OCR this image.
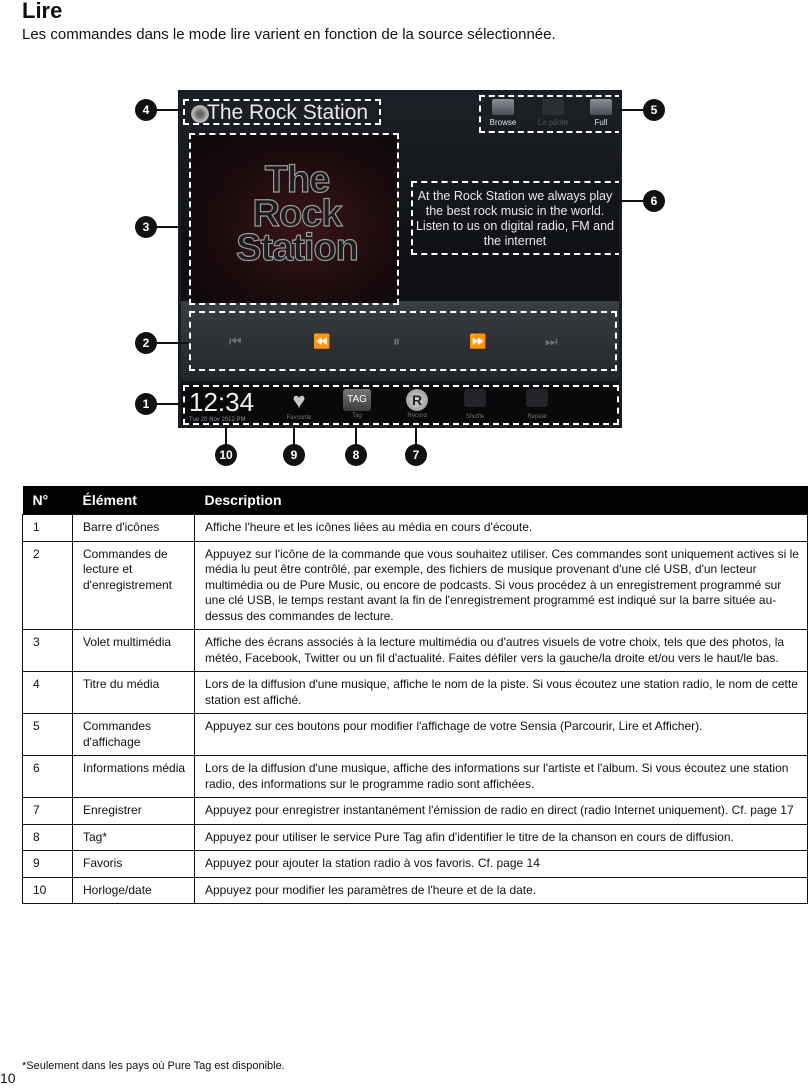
Lire
Les commandes dans le mode lire varient en fonction de la source sélectionnée.
The Rock Station	Browse	Le pilote	Full
The
Rock
Station
At the Rock Station we always play the best rock music in the world. Listen to us on digital radio, FM and the internet
⏮	⏪	⏸	⏩	⏭
12:34
Tue 20 Nov 2012 PM
♥
Favourite
TAG
Tag
R
Record	Shuffle	Repeat
4
3
2
1
5
6
10	9	8	7
N°	Élément	Description
1	Barre d'icônes	Affiche l'heure et les icônes liées au média en cours d'écoute.
2	Commandes de lecture et d'enregistrement	Appuyez sur l'icône de la commande que vous souhaitez utiliser. Ces commandes sont uniquement actives si le média lu peut être contrôlé, par exemple, des fichiers de musique provenant d'une clé USB, d'un lecteur multimédia ou de Pure Music, ou encore de podcasts. Si vous procédez à un enregistrement programmé sur une clé USB, le temps restant avant la fin de l'enregistrement programmé est indiqué sur la barre située au-dessus des commandes de lecture.
3	Volet multimédia	Affiche des écrans associés à la lecture multimédia ou d'autres visuels de votre choix, tels que des photos, la météo, Facebook, Twitter ou un fil d'actualité. Faites défiler vers la gauche/la droite et/ou vers le haut/le bas.
4	Titre du média	Lors de la diffusion d'une musique, affiche le nom de la piste. Si vous écoutez une station radio, le nom de cette station est affiché.
5	Commandes d'affichage	Appuyez sur ces boutons pour modifier l'affichage de votre Sensia (Parcourir, Lire et Afficher).
6	Informations média	Lors de la diffusion d'une musique, affiche des informations sur l'artiste et l'album. Si vous écoutez une station radio, des informations sur le programme radio sont affichées.
7	Enregistrer	Appuyez pour enregistrer instantanément l'émission de radio en direct (radio Internet uniquement). Cf. page 17
8	Tag*	Appuyez pour utiliser le service Pure Tag afin d'identifier le titre de la chanson en cours de diffusion.
9	Favoris	Appuyez pour ajouter la station radio à vos favoris. Cf. page 14
10	Horloge/date	Appuyez pour modifier les paramètres de l'heure et de la date.
*Seulement dans les pays où Pure Tag est disponible.
10
